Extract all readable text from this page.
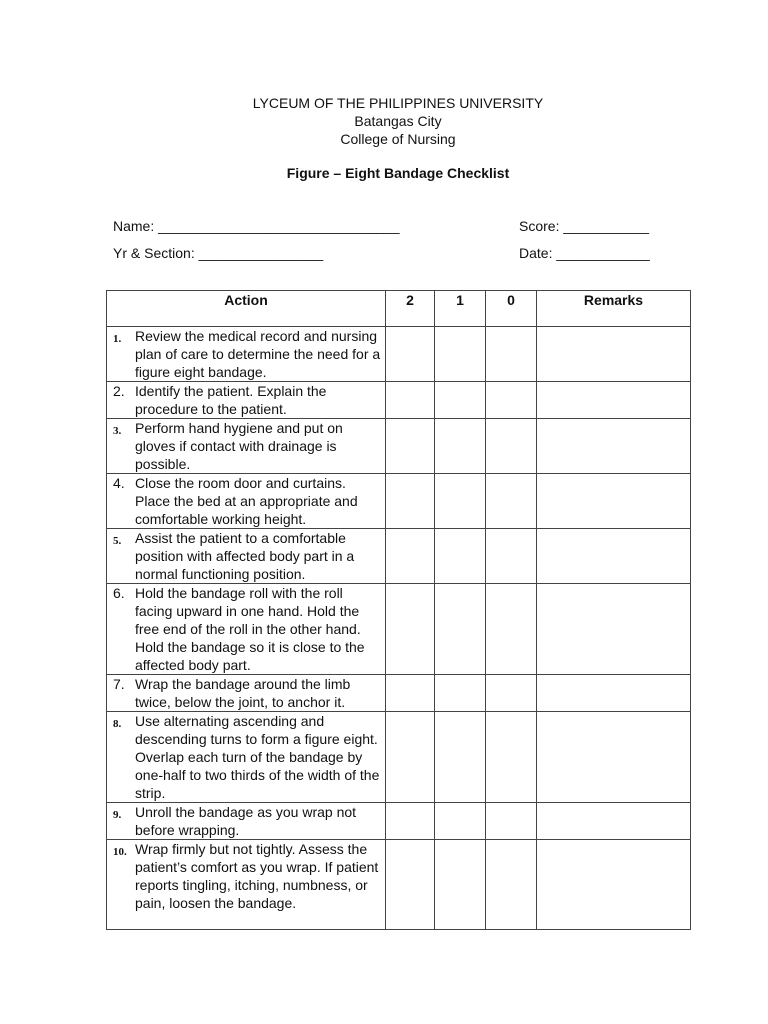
LYCEUM OF THE PHILIPPINES UNIVERSITY
Batangas City
College of Nursing
Figure – Eight Bandage Checklist
Name: _______________________________	Score: ___________
Yr & Section: ________________	Date: ____________
Action	2	1	0	Remarks
1. Review the medical record and nursing plan of care to determine the need for a figure eight bandage.				
2. Identify the patient. Explain the procedure to the patient.				
3. Perform hand hygiene and put on gloves if contact with drainage is possible.				
4. Close the room door and curtains. Place the bed at an appropriate and comfortable working height.				
5. Assist the patient to a comfortable position with affected body part in a normal functioning position.				
6. Hold the bandage roll with the roll facing upward in one hand. Hold the free end of the roll in the other hand. Hold the bandage so it is close to the affected body part.				
7. Wrap the bandage around the limb twice, below the joint, to anchor it.				
8. Use alternating ascending and descending turns to form a figure eight. Overlap each turn of the bandage by one-half to two thirds of the width of the strip.				
9. Unroll the bandage as you wrap not before wrapping.				
10. Wrap firmly but not tightly. Assess the patient’s comfort as you wrap. If patient reports tingling, itching, numbness, or pain, loosen the bandage.				
